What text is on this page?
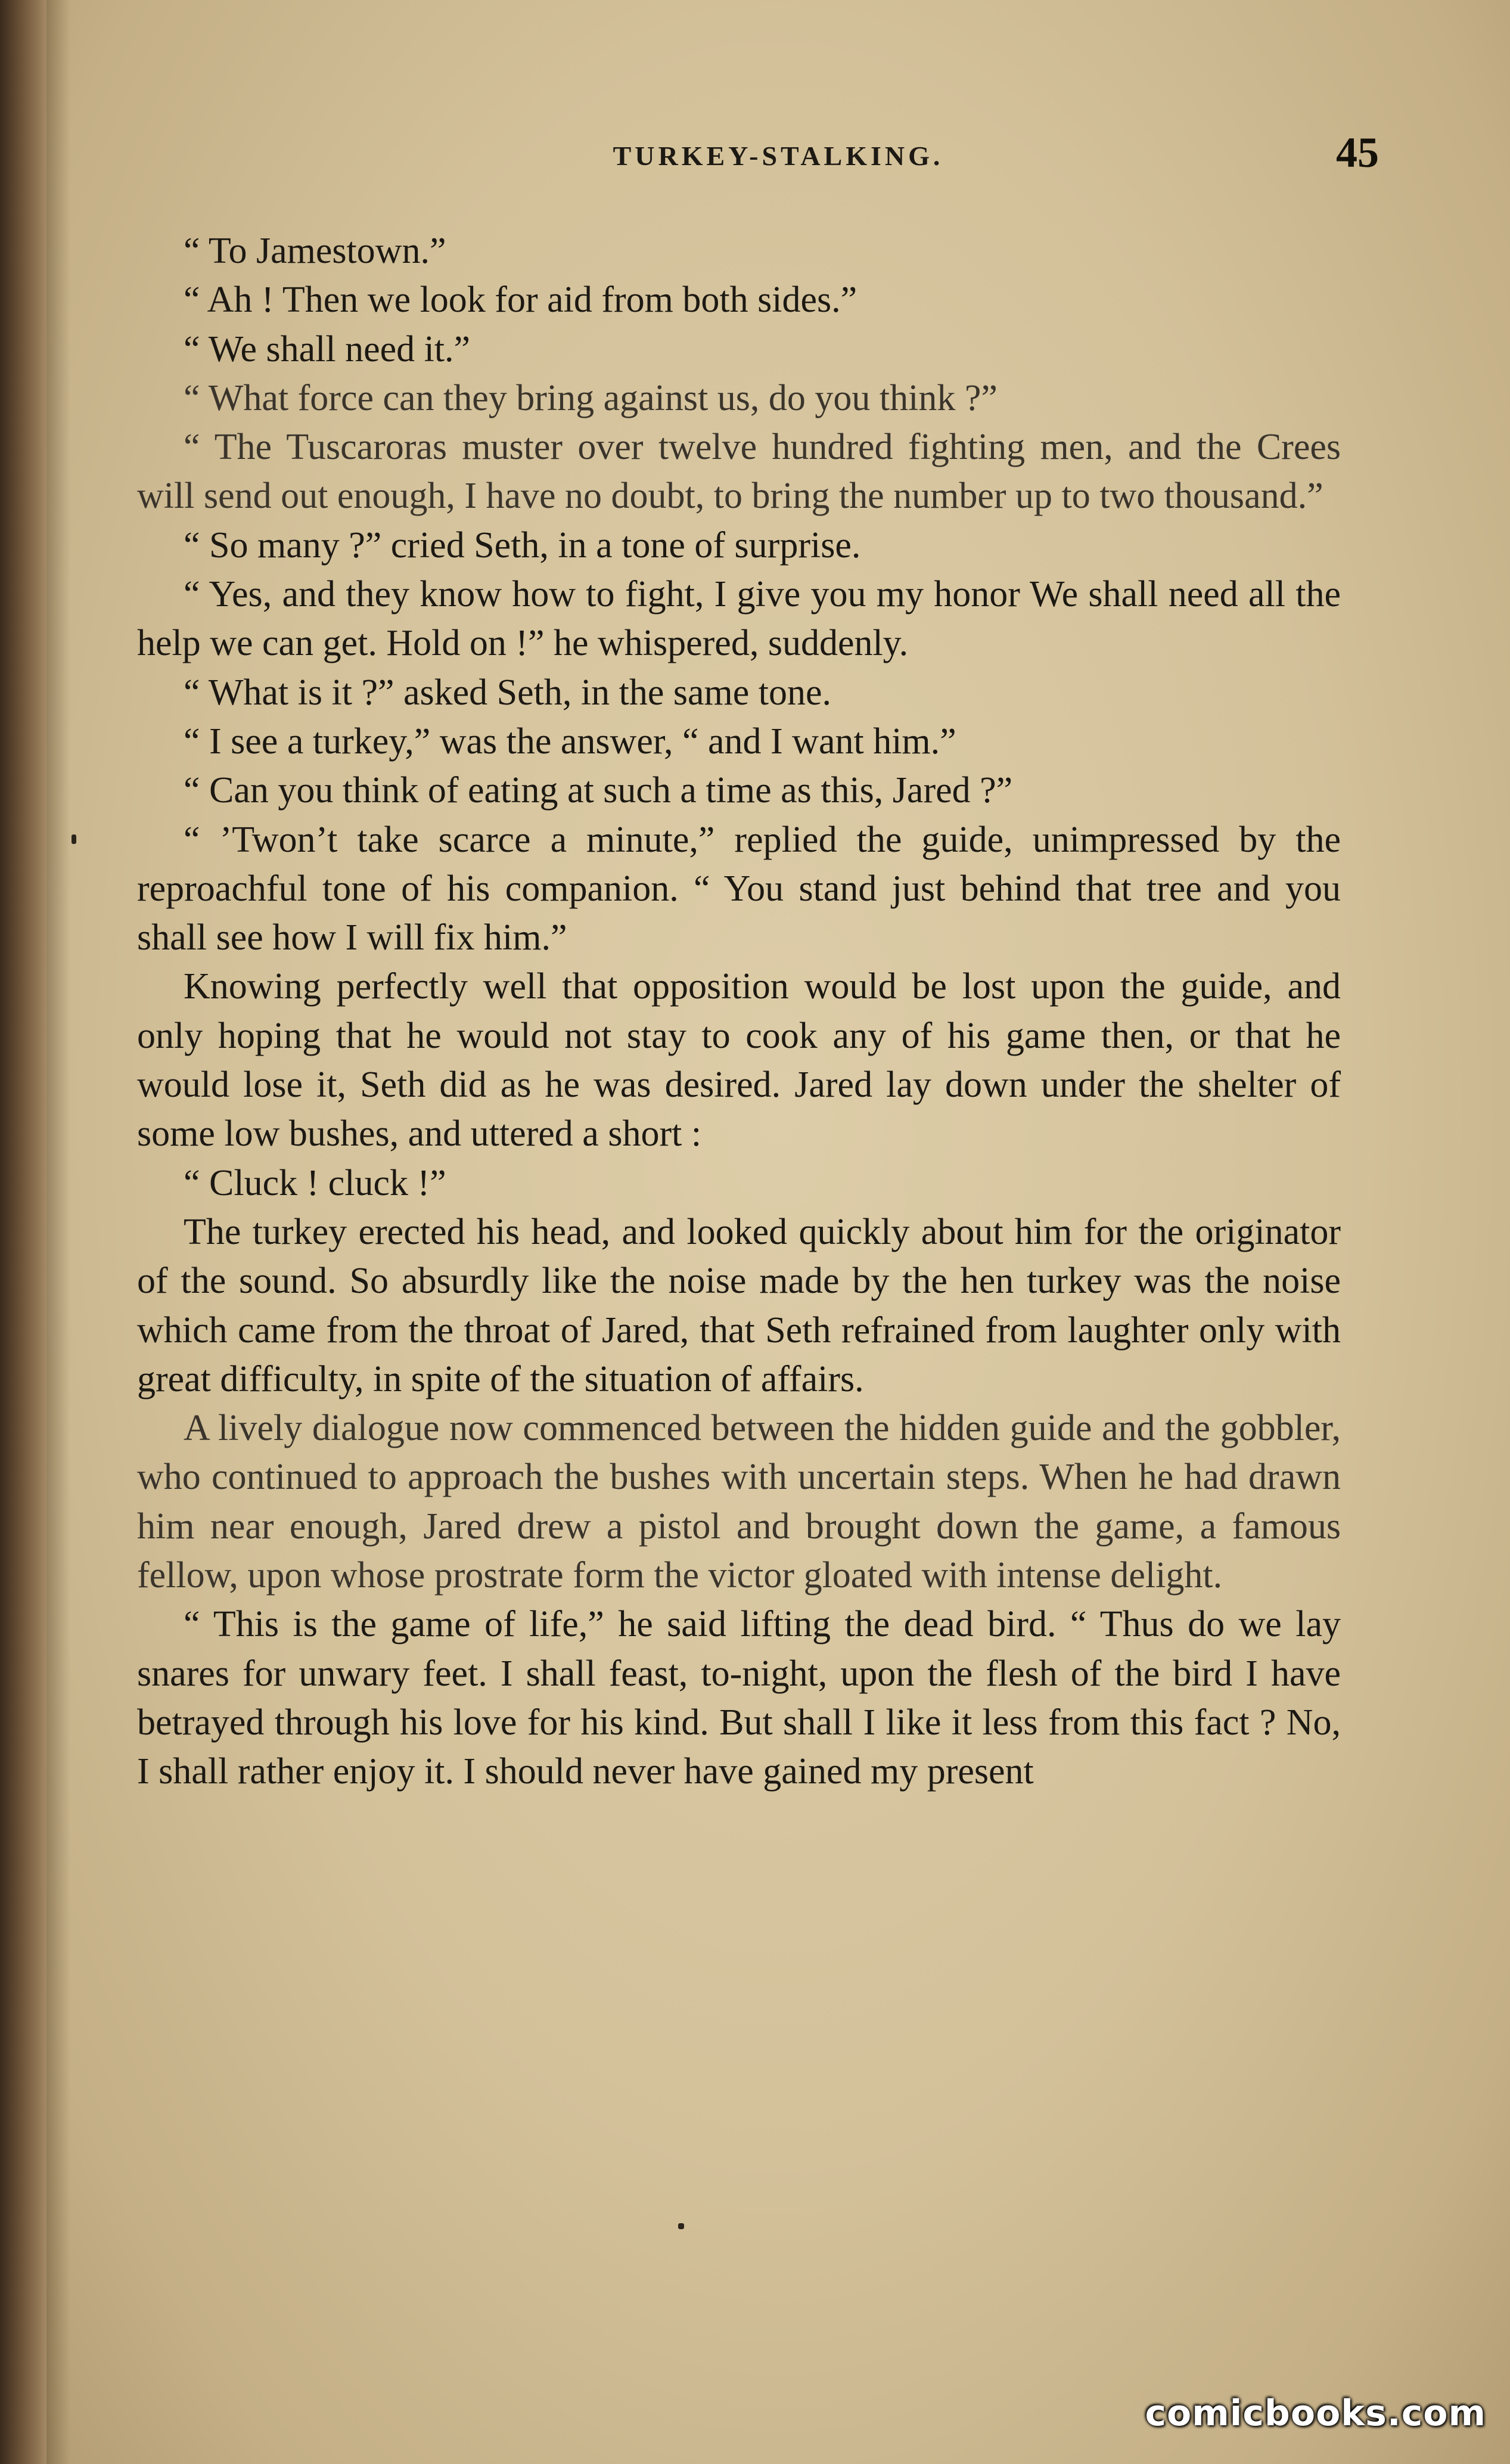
TURKEY-STALKING.	45

“ To Jamestown.”

“ Ah ! Then we look for aid from both sides.”

“ We shall need it.”

“ What force can they bring against us, do you think ?”

“ The Tuscaroras muster over twelve hundred fighting men, and the Crees will send out enough, I have no doubt, to bring the number up to two thousand.”

“ So many ?” cried Seth, in a tone of surprise.

“ Yes, and they know how to fight, I give you my honor We shall need all the help we can get. Hold on !” he whispered, suddenly.

“ What is it ?” asked Seth, in the same tone.

“ I see a turkey,” was the answer, “ and I want him.”

“ Can you think of eating at such a time as this, Jared ?”

“ ’Twon’t take scarce a minute,” replied the guide, unimpressed by the reproachful tone of his companion. “ You stand just behind that tree and you shall see how I will fix him.”

Knowing perfectly well that opposition would be lost upon the guide, and only hoping that he would not stay to cook any of his game then, or that he would lose it, Seth did as he was desired. Jared lay down under the shelter of some low bushes, and uttered a short :

“ Cluck ! cluck !”

The turkey erected his head, and looked quickly about him for the originator of the sound. So absurdly like the noise made by the hen turkey was the noise which came from the throat of Jared, that Seth refrained from laughter only with great difficulty, in spite of the situation of affairs.

A lively dialogue now commenced between the hidden guide and the gobbler, who continued to approach the bushes with uncertain steps. When he had drawn him near enough, Jared drew a pistol and brought down the game, a famous fellow, upon whose prostrate form the victor gloated with intense delight.

“ This is the game of life,” he said lifting the dead bird. “ Thus do we lay snares for unwary feet. I shall feast, to-night, upon the flesh of the bird I have betrayed through his love for his kind. But shall I like it less from this fact ? No, I shall rather enjoy it. I should never have gained my present

comicbooks.com
